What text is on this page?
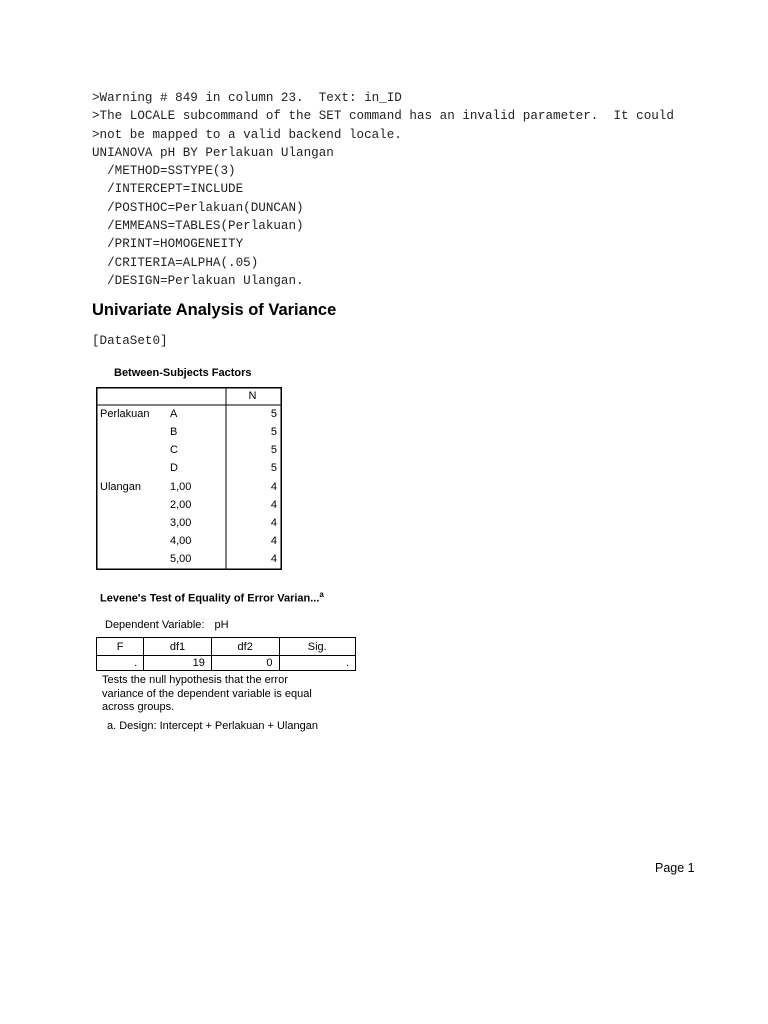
>Warning # 849 in column 23.  Text: in_ID
>The LOCALE subcommand of the SET command has an invalid parameter.  It could
>not be mapped to a valid backend locale.
UNIANOVA pH BY Perlakuan Ulangan
/METHOD=SSTYPE(3)
/INTERCEPT=INCLUDE
/POSTHOC=Perlakuan(DUNCAN)
/EMMEANS=TABLES(Perlakuan)
/PRINT=HOMOGENEITY
/CRITERIA=ALPHA(.05)
/DESIGN=Perlakuan Ulangan.
Univariate Analysis of Variance
[DataSet0]
Between-Subjects Factors
		N
Perlakuan	A	5
	B	5
	C	5
	D	5
Ulangan	1,00	4
	2,00	4
	3,00	4
	4,00	4
	5,00	4
Levene's Test of Equality of Error Varian...$^a$
Dependent Variable: pH
F	df1	df2	Sig.
.	19	0	.
Tests the null hypothesis that the error
variance of the dependent variable is equal
across groups.
a. Design: Intercept + Perlakuan + Ulangan
Page 1
